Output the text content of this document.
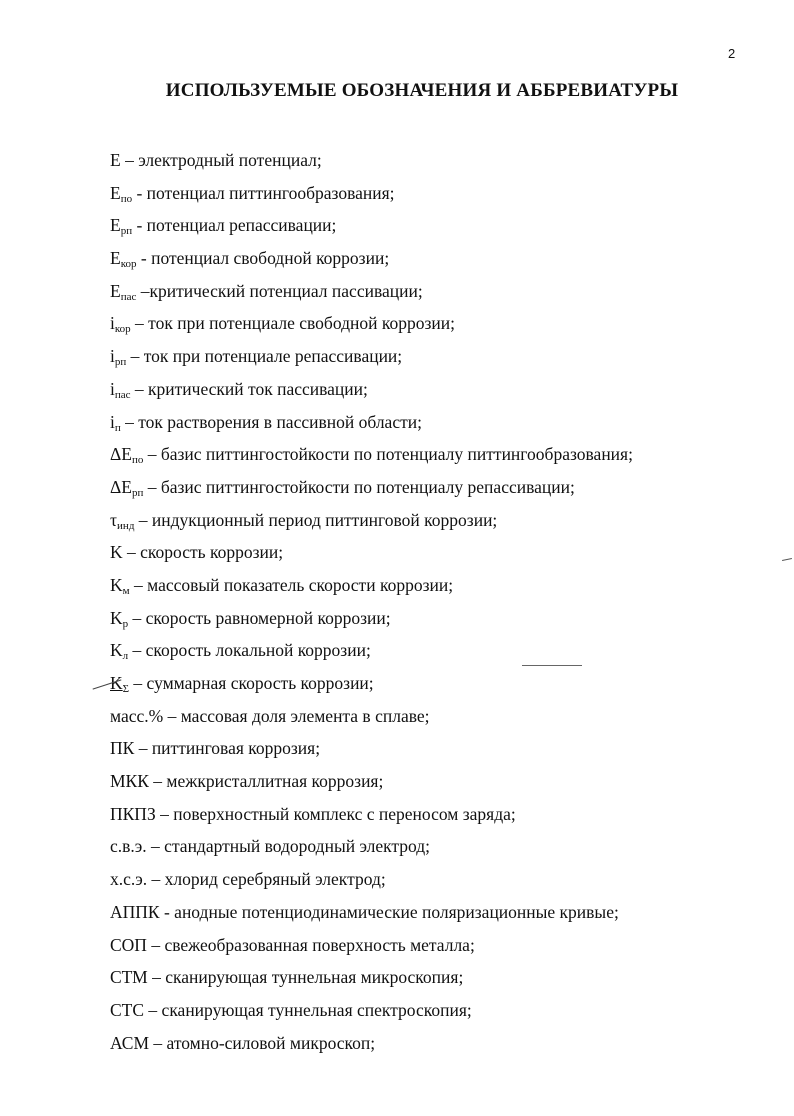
2
ИСПОЛЬЗУЕМЫЕ ОБОЗНАЧЕНИЯ И АББРЕВИАТУРЫ
E – электродный потенциал;
$E_{по}$ - потенциал питтингообразования;
$E_{рп}$ - потенциал репассивации;
$E_{кор}$ - потенциал свободной коррозии;
$E_{пас}$ –критический потенциал пассивации;
$i_{кор}$ – ток при потенциале свободной коррозии;
$i_{рп}$ – ток при потенциале репассивации;
$i_{пас}$ – критический ток пассивации;
$i_п$ – ток растворения в пассивной области;
$\Delta E_{по}$ – базис питтингостойкости по потенциалу питтингообразования;
$\Delta E_{рп}$ – базис питтингостойкости по потенциалу репассивации;
$\tau_{инд}$ – индукционный период питтинговой коррозии;
K – скорость коррозии;
$K_м$ – массовый показатель скорости коррозии;
$K_р$ – скорость равномерной коррозии;
$K_л$ – скорость локальной коррозии;
$K_\Sigma$ – суммарная скорость коррозии;
масс.% – массовая доля элемента в сплаве;
ПК – питтинговая коррозия;
МКК – межкристаллитная коррозия;
ПКПЗ – поверхностный комплекс с переносом заряда;
с.в.э. – стандартный водородный электрод;
х.с.э. – хлорид серебряный электрод;
АППК - анодные потенциодинамические поляризационные кривые;
СОП – свежеобразованная поверхность металла;
СТМ – сканирующая туннельная микроскопия;
СТС – сканирующая туннельная спектроскопия;
АСМ – атомно-силовой микроскоп;
